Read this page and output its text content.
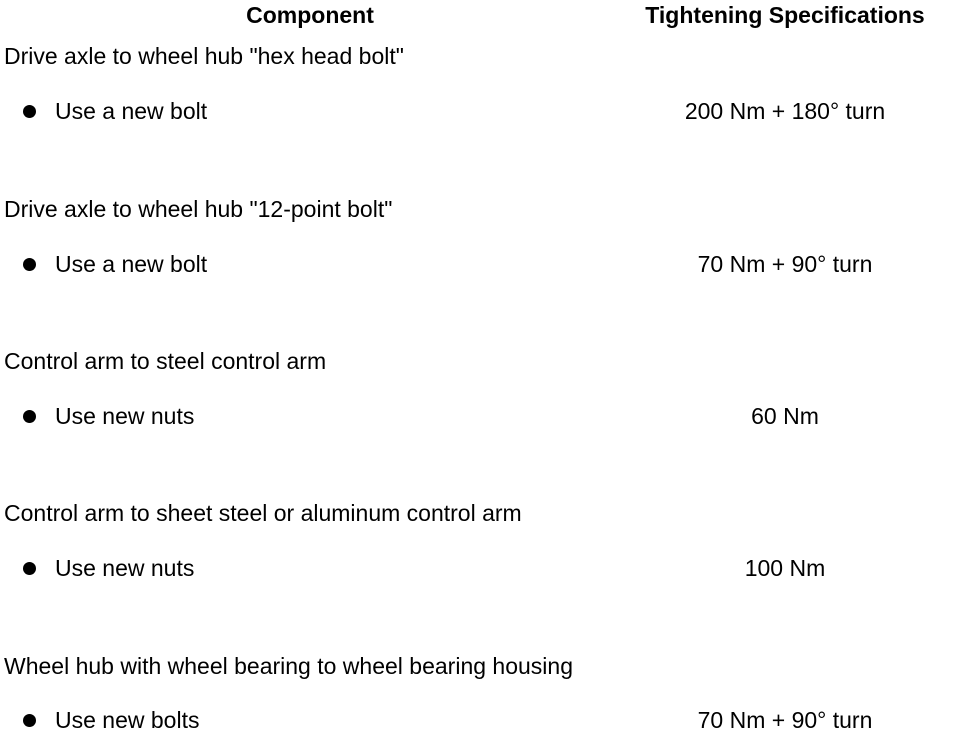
Component	Tightening Specifications
Drive axle to wheel hub "hex head bolt"
Use a new bolt	200 Nm + 180° turn
Drive axle to wheel hub "12-point bolt"
Use a new bolt	70 Nm + 90° turn
Control arm to steel control arm
Use new nuts	60 Nm
Control arm to sheet steel or aluminum control arm
Use new nuts	100 Nm
Wheel hub with wheel bearing to wheel bearing housing
Use new bolts	70 Nm + 90° turn
